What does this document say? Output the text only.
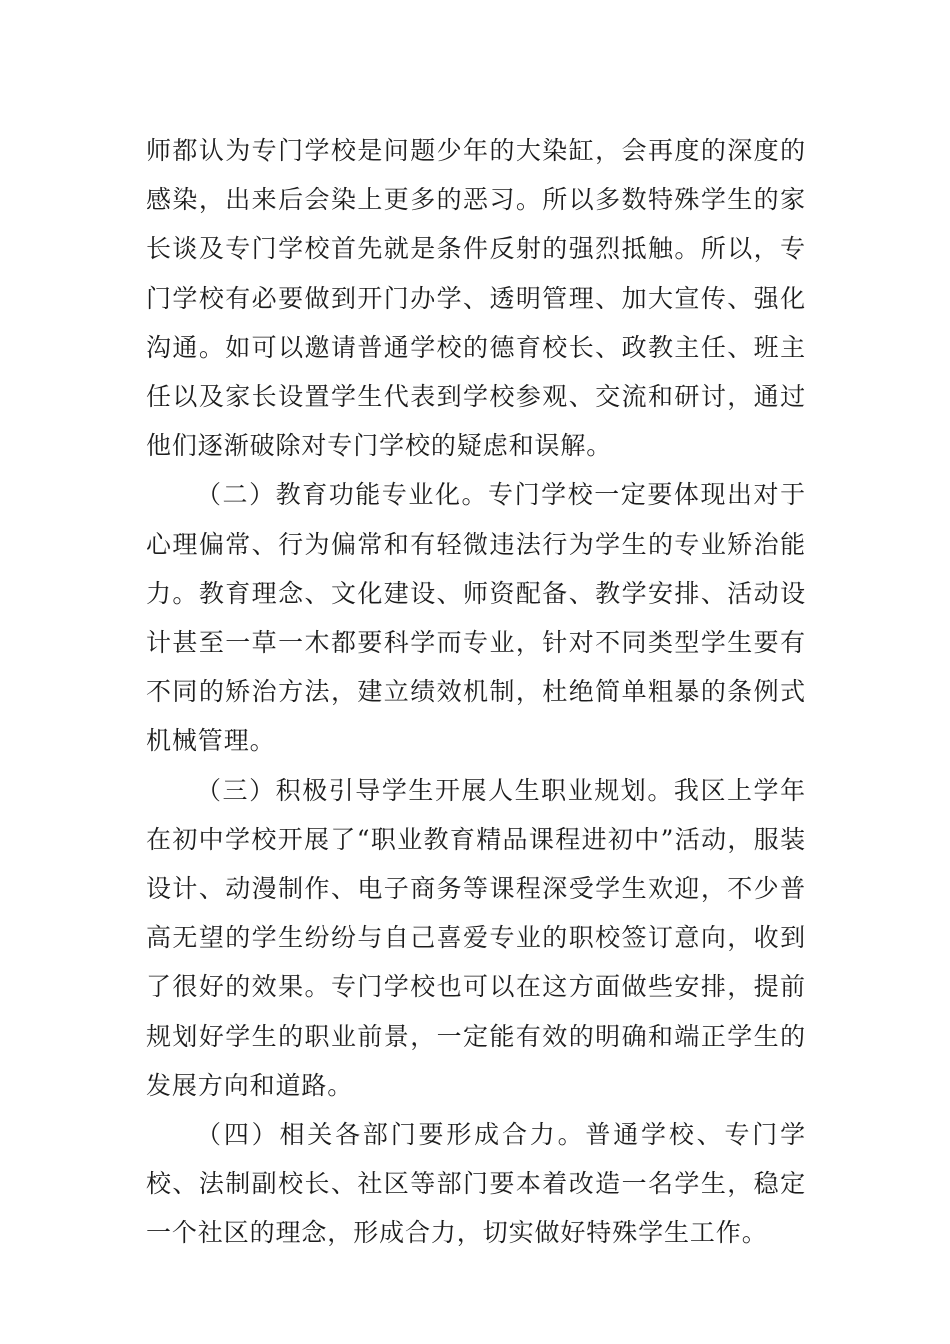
师都认为专门学校是问题少年的大染缸，会再度的深度的感染，出来后会染上更多的恶习。所以多数特殊学生的家长谈及专门学校首先就是条件反射的强烈抵触。所以，专门学校有必要做到开门办学、透明管理、加大宣传、强化沟通。如可以邀请普通学校的德育校长、政教主任、班主任以及家长设置学生代表到学校参观、交流和研讨，通过他们逐渐破除对专门学校的疑虑和误解。

（二）教育功能专业化。专门学校一定要体现出对于心理偏常、行为偏常和有轻微违法行为学生的专业矫治能力。教育理念、文化建设、师资配备、教学安排、活动设计甚至一草一木都要科学而专业，针对不同类型学生要有不同的矫治方法，建立绩效机制，杜绝简单粗暴的条例式机械管理。

（三）积极引导学生开展人生职业规划。我区上学年在初中学校开展了“职业教育精品课程进初中”活动，服装设计、动漫制作、电子商务等课程深受学生欢迎，不少普高无望的学生纷纷与自己喜爱专业的职校签订意向，收到了很好的效果。专门学校也可以在这方面做些安排，提前规划好学生的职业前景，一定能有效的明确和端正学生的发展方向和道路。

（四）相关各部门要形成合力。普通学校、专门学校、法制副校长、社区等部门要本着改造一名学生，稳定一个社区的理念，形成合力，切实做好特殊学生工作。
